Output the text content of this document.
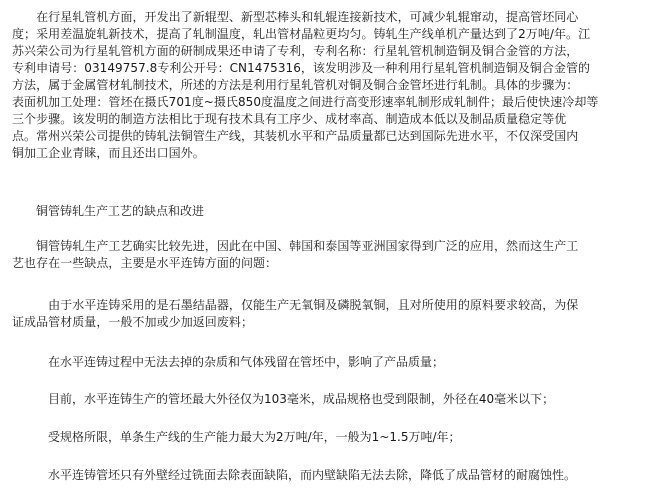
　　在行星轧管机方面，开发出了新辊型、新型芯棒头和轧辊连接新技术，可减少轧辊窜动，提高管坯同心
度；采用差温旋轧新技术，提高了轧制温度，轧出管材晶粒更均匀。铸轧生产线单机产量达到了2万吨/年。江
苏兴荣公司为行星轧管机方面的研制成果还申请了专利，专利名称：行星轧管机制造铜及铜合金管的方法，
专利申请号：03149757.8专利公开号：CN1475316，该发明涉及一种利用行星轧管机制造铜及铜合金管的
方法，属于金属管材轧制技术，所述的方法是利用行星轧管机对铜及铜合金管坯进行轧制。具体的步骤为：
表面机加工处理：管坯在摄氏701度~摄氏850度温度之间进行高变形速率轧制形成轧制件；最后使快速冷却等
三个步骤。该发明的制造方法相比于现有技术具有工序少、成材率高、制造成本低以及制品质量稳定等优
点。常州兴荣公司提供的铸轧法铜管生产线，其装机水平和产品质量都已达到国际先进水平，不仅深受国内
铜加工企业青睐，而且还出口国外。

　　铜管铸轧生产工艺的缺点和改进

　　铜管铸轧生产工艺确实比较先进，因此在中国、韩国和泰国等亚洲国家得到广泛的应用，然而这生产工
艺也存在一些缺点，主要是水平连铸方面的问题：
　　　由于水平连铸采用的是石墨结晶器，仅能生产无氧铜及磷脱氧铜，且对所使用的原料要求较高，为保
证成品管材质量，一般不加或少加返回废料；

　　　在水平连铸过程中无法去掉的杂质和气体残留在管坯中，影响了产品质量；

　　　目前，水平连铸生产的管坯最大外径仅为103毫米，成品规格也受到限制，外径在40毫米以下；

　　　受规格所限，单条生产线的生产能力最大为2万吨/年，一般为1~1.5万吨/年；

　　　水平连铸管坯只有外壁经过铣面去除表面缺陷，而内壁缺陷无法去除，降低了成品管材的耐腐蚀性。
